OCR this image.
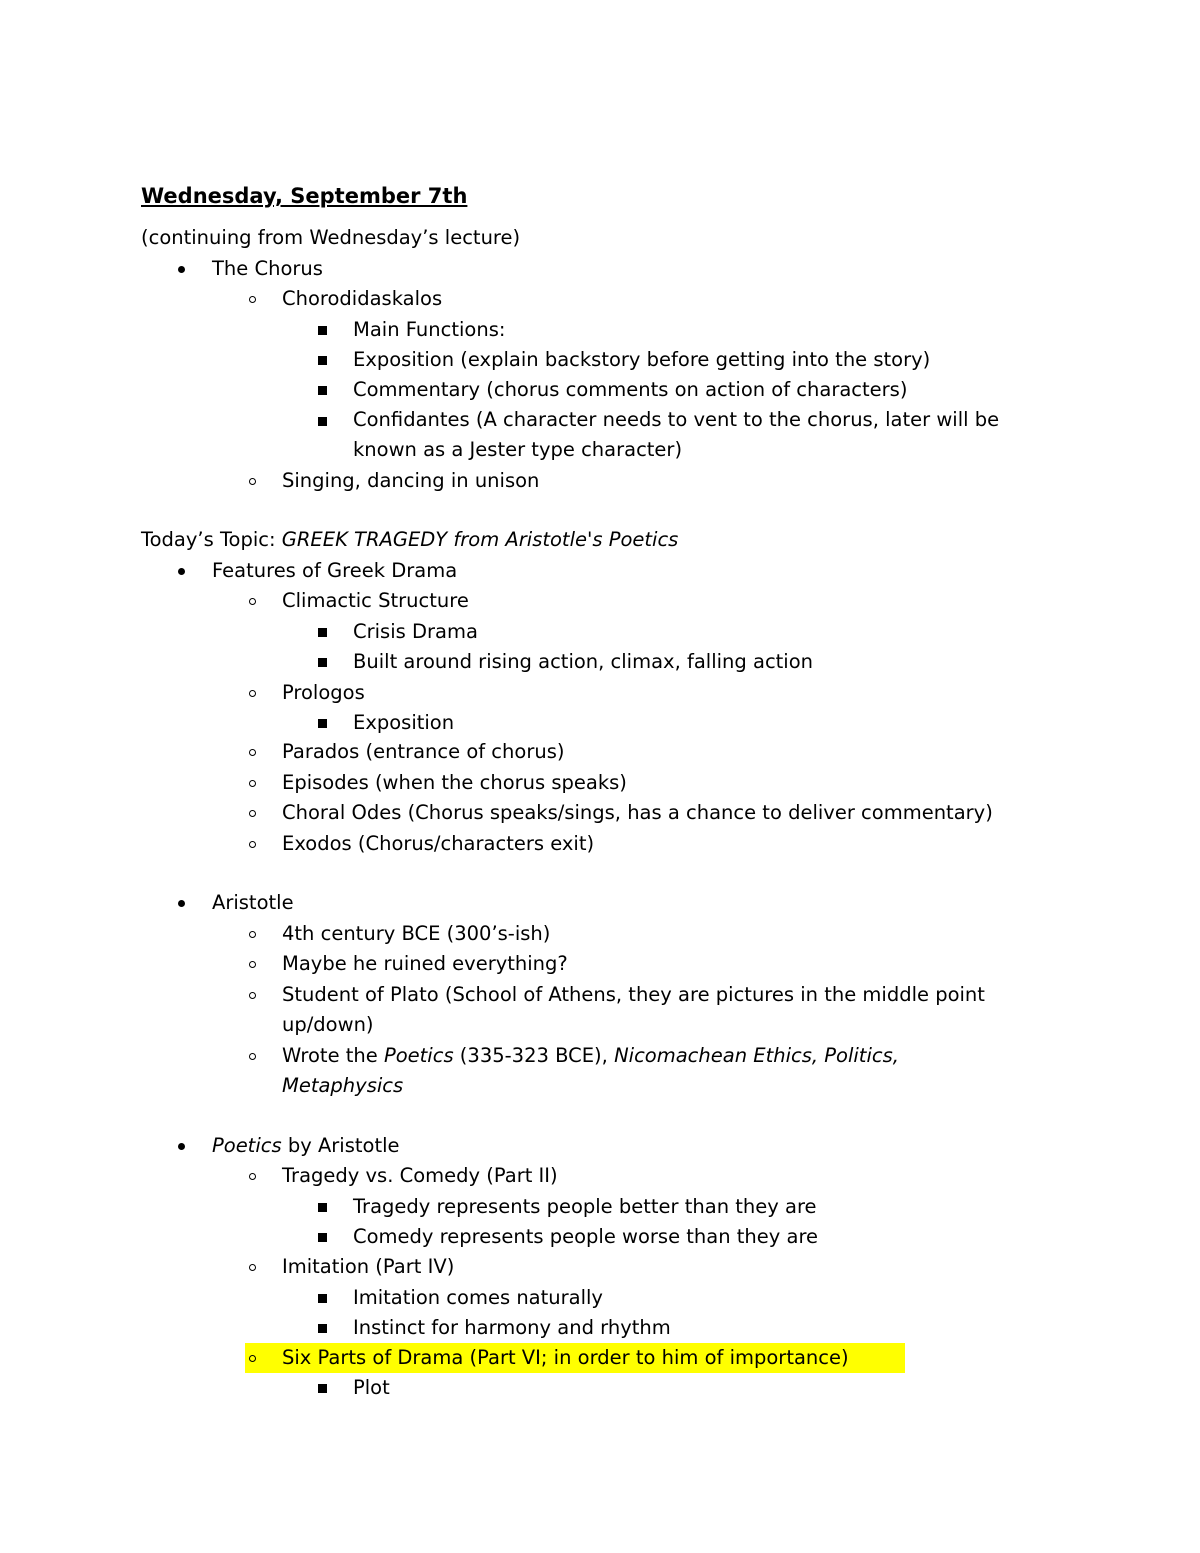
Wednesday, September 7th
(continuing from Wednesday’s lecture)
The Chorus
Chorodidaskalos
Main Functions:
Exposition (explain backstory before getting into the story)
Commentary (chorus comments on action of characters)
Confidantes (A character needs to vent to the chorus, later will be
known as a Jester type character)
Singing, dancing in unison
Today’s Topic: GREEK TRAGEDY from Aristotle's Poetics
Features of Greek Drama
Climactic Structure
Crisis Drama
Built around rising action, climax, falling action
Prologos
Exposition
Parados (entrance of chorus)
Episodes (when the chorus speaks)
Choral Odes (Chorus speaks/sings, has a chance to deliver commentary)
Exodos (Chorus/characters exit)
Aristotle
4th century BCE (300’s-ish)
Maybe he ruined everything?
Student of Plato (School of Athens, they are pictures in the middle point
up/down)
Wrote the Poetics (335-323 BCE), Nicomachean Ethics, Politics,
Metaphysics
Poetics by Aristotle
Tragedy vs. Comedy (Part II)
Tragedy represents people better than they are
Comedy represents people worse than they are
Imitation (Part IV)
Imitation comes naturally
Instinct for harmony and rhythm
Six Parts of Drama (Part VI; in order to him of importance)
Plot
